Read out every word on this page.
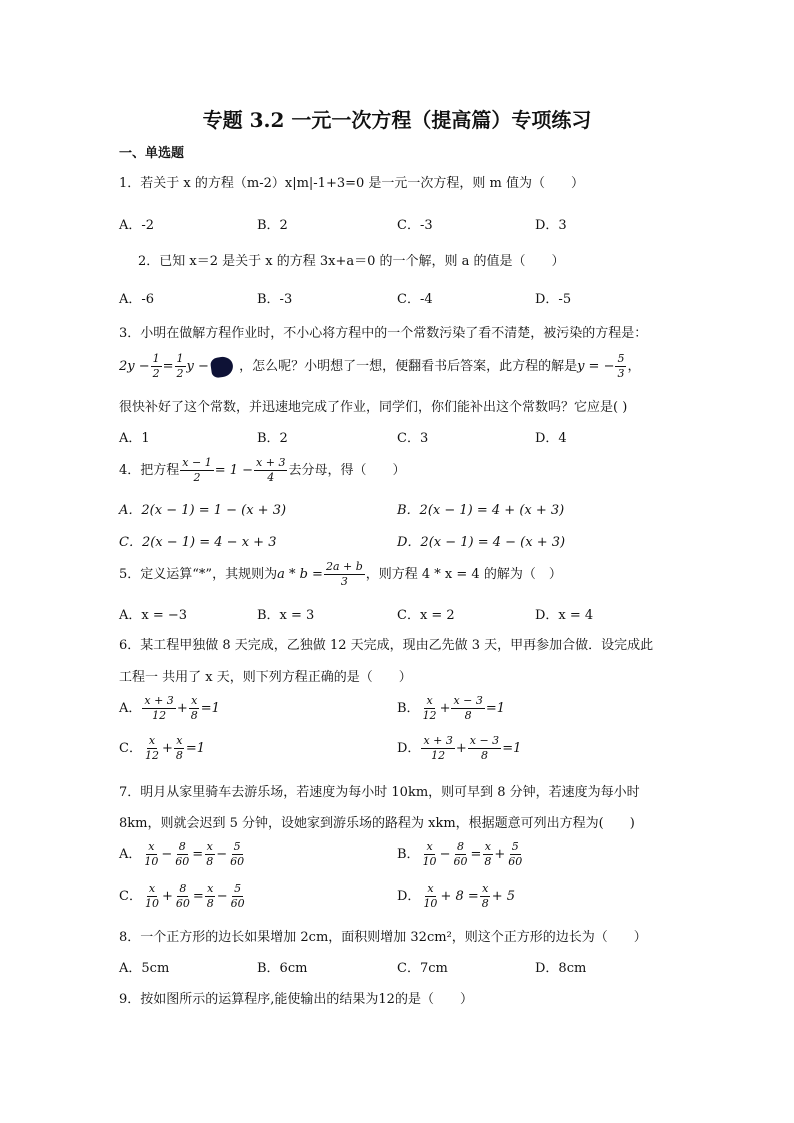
专题 3.2 一元一次方程（提高篇）专项练习
一、单选题
1．若关于 x 的方程（m-2）x|m|-1+3=0 是一元一次方程，则 m 值为（　　）
A．-2	B．2	C．-3	D．3
2．已知 x＝2 是关于 x 的方程 3x+a＝0 的一个解，则 a 的值是（　　）
A．-6	B．-3	C．-4	D．-5
3．小明在做解方程作业时，不小心将方程中的一个常数污染了看不清楚，被污染的方程是：
$2y - \frac{1}{2} = \frac{1}{2}$ y − ，怎么呢？小明想了一想，便翻看书后答案，此方程的解是y = − $\frac{5}{3}$ ，
很快补好了这个常数，并迅速地完成了作业，同学们，你们能补出这个常数吗？它应是( )
A．1	B．2	C．3	D．4
4．把方程 $\frac{x - 1}{2} = 1 - \frac{x + 3}{4}$ 去分母，得（　　）
A．2(x − 1) = 1 − (x + 3)	B．2(x − 1) = 4 + (x + 3)
C．2(x − 1) = 4 − x + 3	D．2(x − 1) = 4 − (x + 3)
5．定义运算“*”，其规则为$a * b = \frac{2a + b}{3}$ ，则方程 4 * x = 4 的解为（　）
A．x = −3	B．x = 3	C．x = 2	D．x = 4
6．某工程甲独做 8 天完成，乙独做 12 天完成，现由乙先做 3 天，甲再参加合做．设完成此
工程一 共用了 x 天，则下列方程正确的是（　　）
A． $\frac{x + 3}{12} + \frac{x}{8} =1$	B． $\frac{x}{12} + \frac{x - 3}{8} =1$
C． $\frac{x}{12} + \frac{x}{8} =1$	D． $\frac{x + 3}{12} + \frac{x - 3}{8} =1$
7．明月从家里骑车去游乐场，若速度为每小时 10km，则可早到 8 分钟，若速度为每小时
8km，则就会迟到 5 分钟，设她家到游乐场的路程为 xkm，根据题意可列出方程为(　　)
A． $\frac{x}{10} - \frac{8}{60} = \frac{x}{8} - \frac{5}{60}$	B． $\frac{x}{10} - \frac{8}{60} = \frac{x}{8} + \frac{5}{60}$
C． $\frac{x}{10} + \frac{8}{60} = \frac{x}{8} - \frac{5}{60}$	D． $\frac{x}{10} + 8 = \frac{x}{8} + 5$
8．一个正方形的边长如果增加 2cm，面积则增加 32cm²，则这个正方形的边长为（　　）
A．5cm	B．6cm	C．7cm	D．8cm
9．按如图所示的运算程序,能使输出的结果为12的是（　　）
